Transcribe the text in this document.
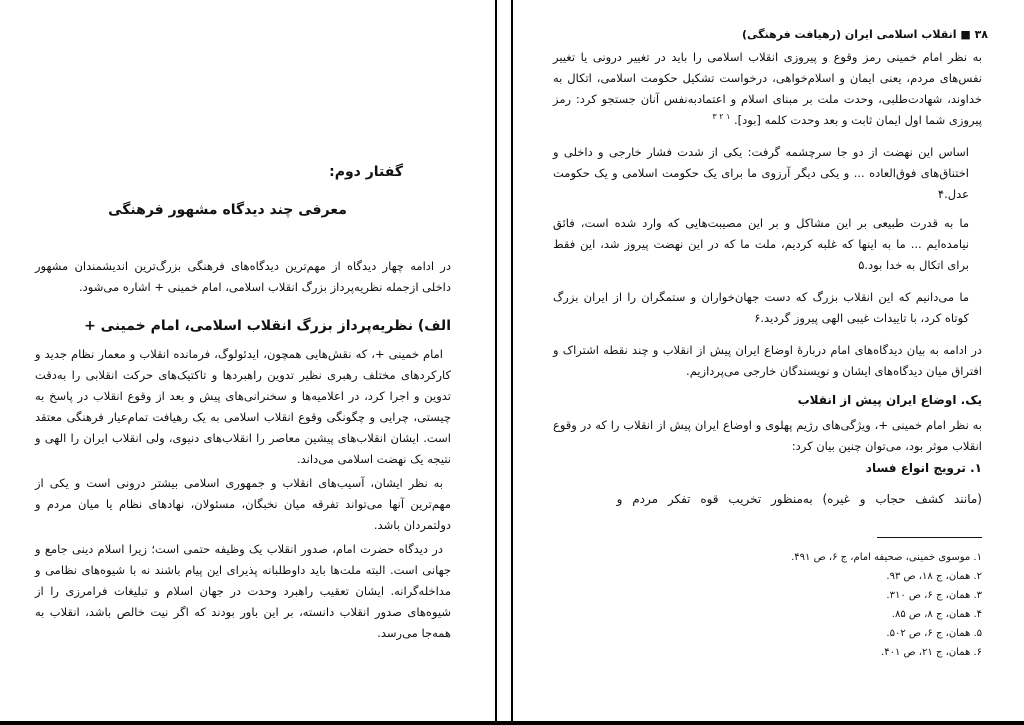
گفتار دوم:
معرفی چند دیدگاه مشهور فرهنگی

در ادامه چهار دیدگاه از مهم‌ترین دیدگاه‌های فرهنگی بزرگ‌ترین اندیشمندان مشهور داخلی ازجمله نظریه‌پرداز بزرگ انقلاب اسلامی، امام خمینی + اشاره می‌شود.

الف) نظریه‌پرداز بزرگ انقلاب اسلامی، امام خمینی +

امام خمینی +، که نقش‌هایی همچون، ایدئولوگ، فرمانده انقلاب و معمار نظام جدید و کارکردهای مختلف رهبری نظیر تدوین راهبردها و تاکتیک‌های حرکت انقلابی را به‌دقت تدوین و اجرا کرد، در اعلامیه‌ها و سخنرانی‌های پیش و بعد از وقوع انقلاب در پاسخ به چیستی، چرایی و چگونگی وقوع انقلاب اسلامی به یک رهیافت تمام‌عیار فرهنگی معتقد است. ایشان انقلاب‌های پیشین معاصر را انقلاب‌های دنیوی، ولی انقلاب ایران را الهی و نتیجه یک نهضت اسلامی می‌داند.

به نظر ایشان، آسیب‌های انقلاب و جمهوری اسلامی بیشتر درونی است و یکی از مهم‌ترین آنها می‌تواند تفرقه میان نخبگان، مسئولان، نهادهای نظام یا میان مردم و دولتمردان باشد.

در دیدگاه حضرت امام، صدور انقلاب یک وظیفه حتمی است؛ زیرا اسلام دینی جامع و جهانی است. البته ملت‌ها باید داوطلبانه پذیرای این پیام باشند نه با شیوه‌های نظامی و مداخله‌گرانه. ایشان تعقیب راهبرد وحدت در جهان اسلام و تبلیغات فرامرزی را از شیوه‌های صدور انقلاب دانسته، بر این باور بودند که اگر نیت خالص باشد، انقلاب به همه‌جا می‌رسد.

۳۸ ■ انقلاب اسلامی ایران (رهیافت فرهنگی)

به نظر امام خمینی رمز وقوع و پیروزی انقلاب اسلامی را باید در تغییر درونی یا تغییر نفس‌های مردم، یعنی ایمان و اسلام‌خواهی، درخواست تشکیل حکومت اسلامی، اتکال به خداوند، شهادت‌طلبی، وحدت ملت بر مبنای اسلام و اعتمادبه‌نفس آنان جستجو کرد: رمز پیروزی شما اول ایمان ثابت و بعد وحدت کلمه [بود]. $^{۱ ۲ ۳}$

اساس این نهضت از دو جا سرچشمه گرفت: یکی از شدت فشار خارجی و داخلی و اختناق‌های فوق‌العاده ... و یکی دیگر آرزوی ما برای یک حکومت اسلامی و یک حکومت عدل.۴

ما به قدرت طبیعی بر این مشاکل و بر این مصیبت‌هایی که وارد شده است، فائق نیامده‌ایم ... ما به اینها که غلبه کردیم، ملت ما که در این نهضت پیروز شد، این فقط برای اتکال به خدا بود.۵

ما می‌دانیم که این انقلاب بزرگ که دست جهان‌خواران و ستمگران را از ایران بزرگ کوتاه کرد، با تاییدات غیبی الهی پیروز گردید.۶

در ادامه به بیان دیدگاه‌های امام دربارهٔ اوضاع ایران پیش از انقلاب و چند نقطه اشتراک و افتراق میان دیدگاه‌های ایشان و نویسندگان خارجی می‌پردازیم.

یک. اوضاع ایران پیش از انقلاب

به نظر امام خمینی +، ویژگی‌های رژیم پهلوی و اوضاع ایران پیش از انقلاب را که در وقوع انقلاب موثر بود، می‌توان چنین بیان کرد:

۱. ترویج انواع فساد

(مانند کشف حجاب و غیره) به‌منظور تخریب قوه تفکر مردم و

۱. موسوی خمینی، صحیفه امام، ج ۶، ص ۴۹۱.
۲. همان، ج ۱۸، ص ۹۳.
۳. همان، ج ۶، ص ۳۱۰.
۴. همان، ج ۸، ص ۸۵.
۵. همان، ج ۶، ص ۵۰۲.
۶. همان، ج ۲۱، ص ۴۰۱.
